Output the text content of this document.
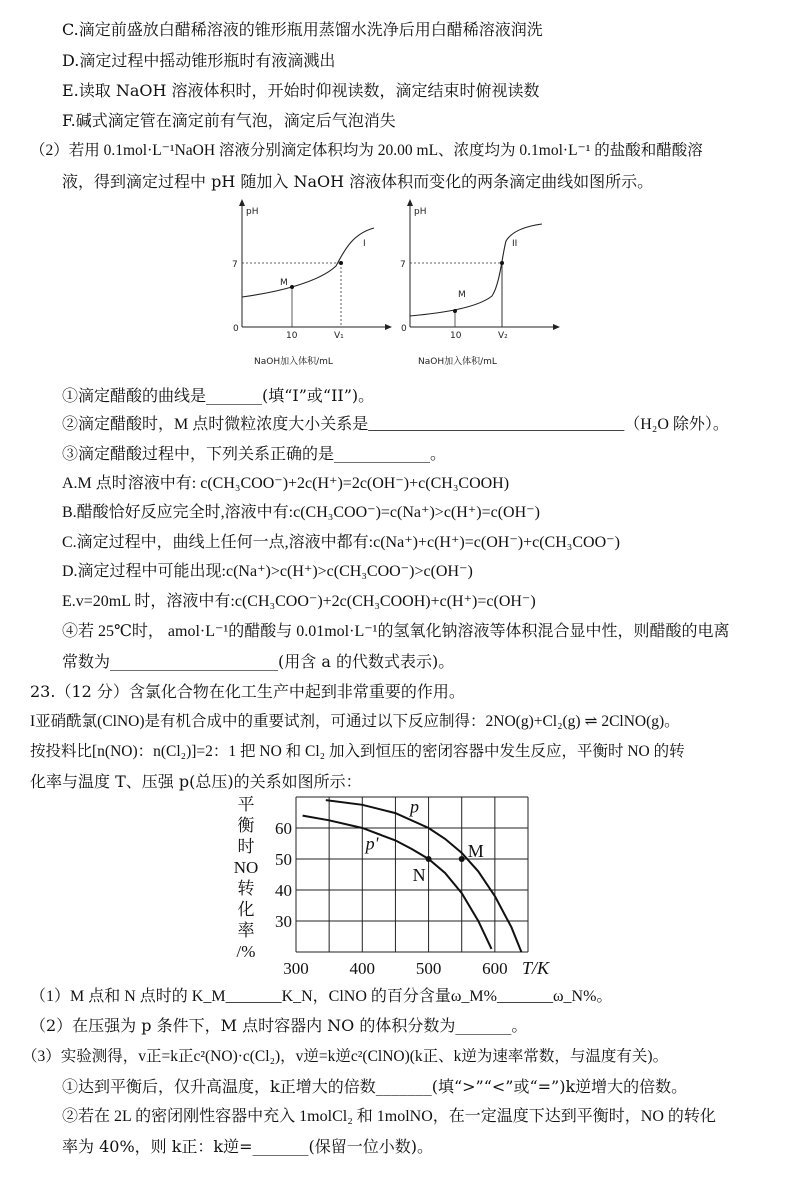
C.滴定前盛放白醋稀溶液的锥形瓶用蒸馏水洗净后用白醋稀溶液润洗
D.滴定过程中摇动锥形瓶时有液滴溅出
E.读取 NaOH 溶液体积时，开始时仰视读数，滴定结束时俯视读数
F.碱式滴定管在滴定前有气泡，滴定后气泡消失
（2）若用 0.1mol·L⁻¹NaOH 溶液分别滴定体积均为 20.00 mL、浓度均为 0.1mol·L⁻¹ 的盐酸和醋酸溶
液，得到滴定过程中 pH 随加入 NaOH 溶液体积而变化的两条滴定曲线如图所示。
pH
7
0
10	V₁
M
I
NaOH加入体积/mL
pH
7
0
10	V₂
M
II
NaOH加入体积/mL
①滴定醋酸的曲线是_______(填“I”或“II”)。
②滴定醋酸时，M 点时微粒浓度大小关系是________________________________（H₂O 除外）。
③滴定醋酸过程中，下列关系正确的是____________。
A.M 点时溶液中有: c(CH₃COO⁻)+2c(H⁺)=2c(OH⁻)+c(CH₃COOH)
B.醋酸恰好反应完全时,溶液中有:c(CH₃COO⁻)=c(Na⁺)>c(H⁺)=c(OH⁻)
C.滴定过程中，曲线上任何一点,溶液中都有:c(Na⁺)+c(H⁺)=c(OH⁻)+c(CH₃COO⁻)
D.滴定过程中可能出现:c(Na⁺)>c(H⁺)>c(CH₃COO⁻)>c(OH⁻)
E.v=20mL 时，溶液中有:c(CH₃COO⁻)+2c(CH₃COOH)+c(H⁺)=c(OH⁻)
④若 25℃时， amol·L⁻¹的醋酸与 0.01mol·L⁻¹的氢氧化钠溶液等体积混合显中性，则醋酸的电离
常数为_____________________(用含 a 的代数式表示)。
23.（12 分）含氯化合物在化工生产中起到非常重要的作用。
I亚硝酰氯(ClNO)是有机合成中的重要试剂，可通过以下反应制得：2NO(g)+Cl₂(g) ⇌ 2ClNO(g)。
按投料比[n(NO)：n(Cl₂)]=2：1 把 NO 和 Cl₂ 加入到恒压的密闭容器中发生反应，平衡时 NO 的转
化率与温度 T、压强 p(总压)的关系如图所示：
平
衡
时
NO
转
化
率
/%
M
N
p
p'
300 400 500 600 T/K
30
40
50
60
（1）M 点和 N 点时的 K_M_______K_N，ClNO 的百分含量ω_M%_______ω_N%。
（2）在压强为 p 条件下，M 点时容器内 NO 的体积分数为_______。
（3）实验测得，v正=k正c²(NO)·c(Cl₂)，v逆=k逆c²(ClNO)(k正、k逆为速率常数，与温度有关)。
①达到平衡后，仅升高温度，k正增大的倍数_______(填“>”“<”或“=”)k逆增大的倍数。
②若在 2L 的密闭刚性容器中充入 1molCl₂ 和 1molNO，在一定温度下达到平衡时，NO 的转化
率为 40%，则 k正：k逆=_______(保留一位小数)。
